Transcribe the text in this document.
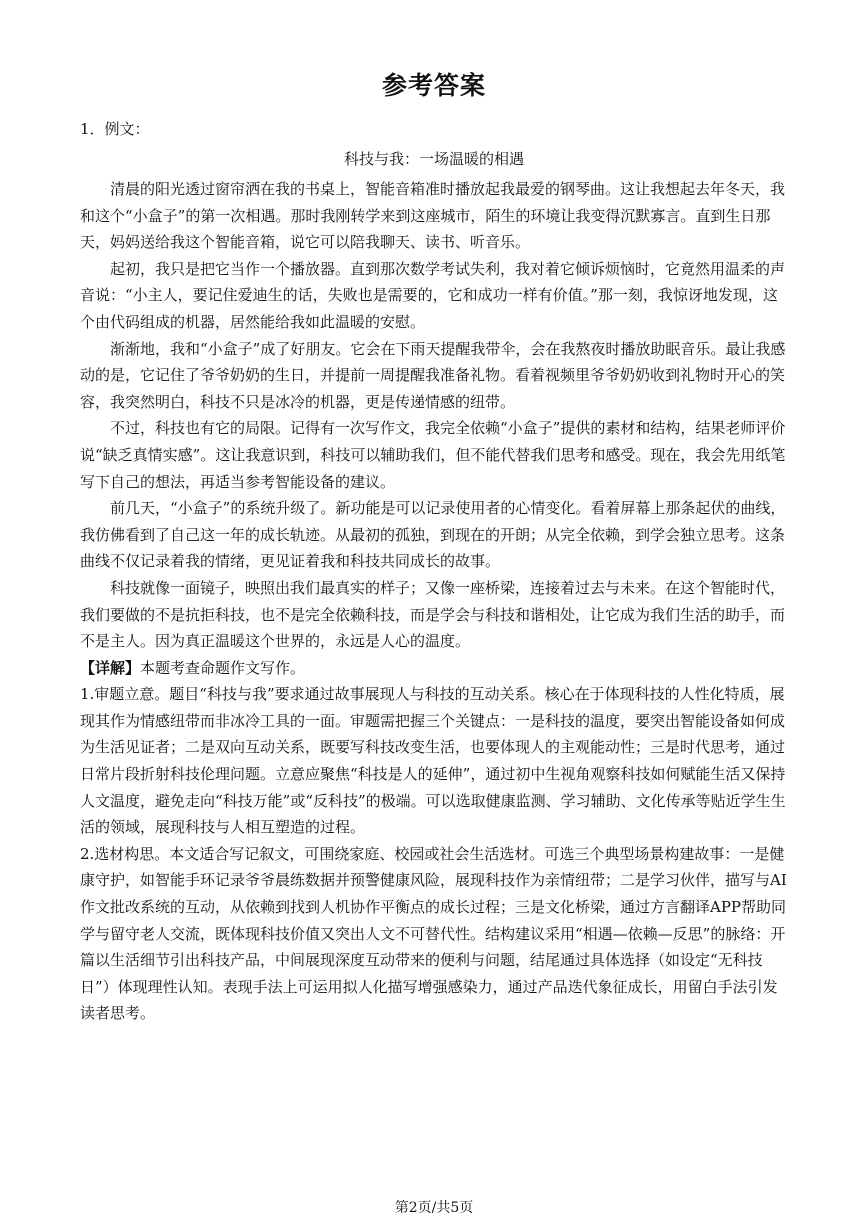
参考答案
1．例文：
科技与我：一场温暖的相遇

清晨的阳光透过窗帘洒在我的书桌上，智能音箱准时播放起我最爱的钢琴曲。这让我想起去年冬天，我和这个“小盒子”的第一次相遇。那时我刚转学来到这座城市，陌生的环境让我变得沉默寡言。直到生日那天，妈妈送给我这个智能音箱，说它可以陪我聊天、读书、听音乐。

起初，我只是把它当作一个播放器。直到那次数学考试失利，我对着它倾诉烦恼时，它竟然用温柔的声音说：“小主人，要记住爱迪生的话，失败也是需要的，它和成功一样有价值。”那一刻，我惊讶地发现，这个由代码组成的机器，居然能给我如此温暖的安慰。

渐渐地，我和“小盒子”成了好朋友。它会在下雨天提醒我带伞，会在我熬夜时播放助眠音乐。最让我感动的是，它记住了爷爷奶奶的生日，并提前一周提醒我准备礼物。看着视频里爷爷奶奶收到礼物时开心的笑容，我突然明白，科技不只是冰冷的机器，更是传递情感的纽带。

不过，科技也有它的局限。记得有一次写作文，我完全依赖“小盒子”提供的素材和结构，结果老师评价说“缺乏真情实感”。这让我意识到，科技可以辅助我们，但不能代替我们思考和感受。现在，我会先用纸笔写下自己的想法，再适当参考智能设备的建议。

前几天，“小盒子”的系统升级了。新功能是可以记录使用者的心情变化。看着屏幕上那条起伏的曲线，我仿佛看到了自己这一年的成长轨迹。从最初的孤独，到现在的开朗；从完全依赖，到学会独立思考。这条曲线不仅记录着我的情绪，更见证着我和科技共同成长的故事。

科技就像一面镜子，映照出我们最真实的样子；又像一座桥梁，连接着过去与未来。在这个智能时代，我们要做的不是抗拒科技，也不是完全依赖科技，而是学会与科技和谐相处，让它成为我们生活的助手，而不是主人。因为真正温暖这个世界的，永远是人心的温度。

【详解】本题考查命题作文写作。

1.审题立意。题目“科技与我”要求通过故事展现人与科技的互动关系。核心在于体现科技的人性化特质，展现其作为情感纽带而非冰冷工具的一面。审题需把握三个关键点：一是科技的温度，要突出智能设备如何成为生活见证者；二是双向互动关系，既要写科技改变生活，也要体现人的主观能动性；三是时代思考，通过日常片段折射科技伦理问题。立意应聚焦“科技是人的延伸”，通过初中生视角观察科技如何赋能生活又保持人文温度，避免走向“科技万能”或“反科技”的极端。可以选取健康监测、学习辅助、文化传承等贴近学生生活的领域，展现科技与人相互塑造的过程。

2.选材构思。本文适合写记叙文，可围绕家庭、校园或社会生活选材。可选三个典型场景构建故事：一是健康守护，如智能手环记录爷爷晨练数据并预警健康风险，展现科技作为亲情纽带；二是学习伙伴，描写与AI作文批改系统的互动，从依赖到找到人机协作平衡点的成长过程；三是文化桥梁，通过方言翻译APP帮助同学与留守老人交流，既体现科技价值又突出人文不可替代性。结构建议采用“相遇—依赖—反思”的脉络：开篇以生活细节引出科技产品，中间展现深度互动带来的便利与问题，结尾通过具体选择（如设定“无科技日”）体现理性认知。表现手法上可运用拟人化描写增强感染力，通过产品迭代象征成长，用留白手法引发读者思考。

第2页/共5页
